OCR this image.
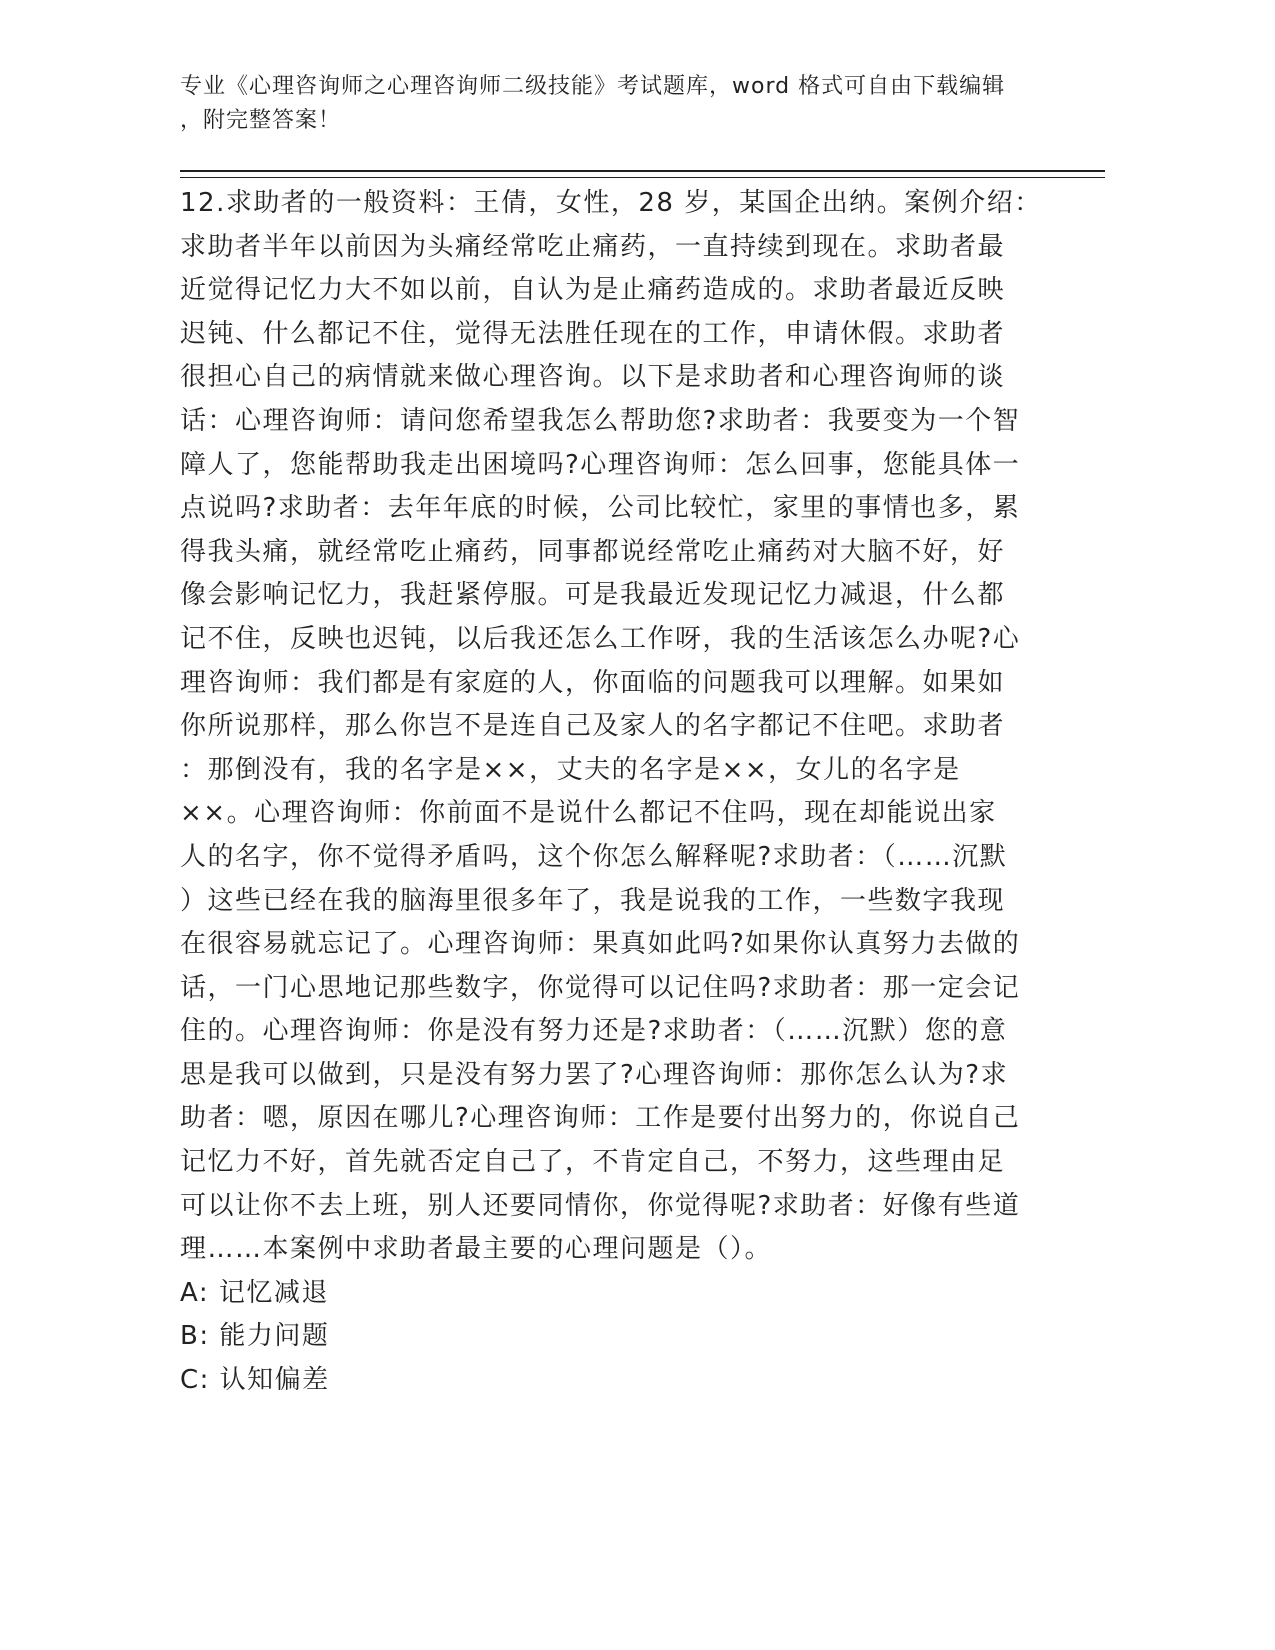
专业《心理咨询师之心理咨询师二级技能》考试题库，word 格式可自由下载编辑
，附完整答案！
12.求助者的一般资料：王倩，女性，28 岁，某国企出纳。案例介绍：
求助者半年以前因为头痛经常吃止痛药，一直持续到现在。求助者最
近觉得记忆力大不如以前，自认为是止痛药造成的。求助者最近反映
迟钝、什么都记不住，觉得无法胜任现在的工作，申请休假。求助者
很担心自己的病情就来做心理咨询。以下是求助者和心理咨询师的谈
话：心理咨询师：请问您希望我怎么帮助您?求助者：我要变为一个智
障人了，您能帮助我走出困境吗?心理咨询师：怎么回事，您能具体一
点说吗?求助者：去年年底的时候，公司比较忙，家里的事情也多，累
得我头痛，就经常吃止痛药，同事都说经常吃止痛药对大脑不好，好
像会影响记忆力，我赶紧停服。可是我最近发现记忆力减退，什么都
记不住，反映也迟钝，以后我还怎么工作呀，我的生活该怎么办呢?心
理咨询师：我们都是有家庭的人，你面临的问题我可以理解。如果如
你所说那样，那么你岂不是连自己及家人的名字都记不住吧。求助者
：那倒没有，我的名字是××，丈夫的名字是××，女儿的名字是
××。心理咨询师：你前面不是说什么都记不住吗，现在却能说出家
人的名字，你不觉得矛盾吗，这个你怎么解释呢?求助者：（……沉默
）这些已经在我的脑海里很多年了，我是说我的工作，一些数字我现
在很容易就忘记了。心理咨询师：果真如此吗?如果你认真努力去做的
话，一门心思地记那些数字，你觉得可以记住吗?求助者：那一定会记
住的。心理咨询师：你是没有努力还是?求助者：（……沉默）您的意
思是我可以做到，只是没有努力罢了?心理咨询师：那你怎么认为?求
助者：嗯，原因在哪儿?心理咨询师：工作是要付出努力的，你说自己
记忆力不好，首先就否定自己了，不肯定自己，不努力，这些理由足
可以让你不去上班，别人还要同情你，你觉得呢?求助者：好像有些道
理……本案例中求助者最主要的心理问题是（）。
A: 记忆减退
B: 能力问题
C: 认知偏差
